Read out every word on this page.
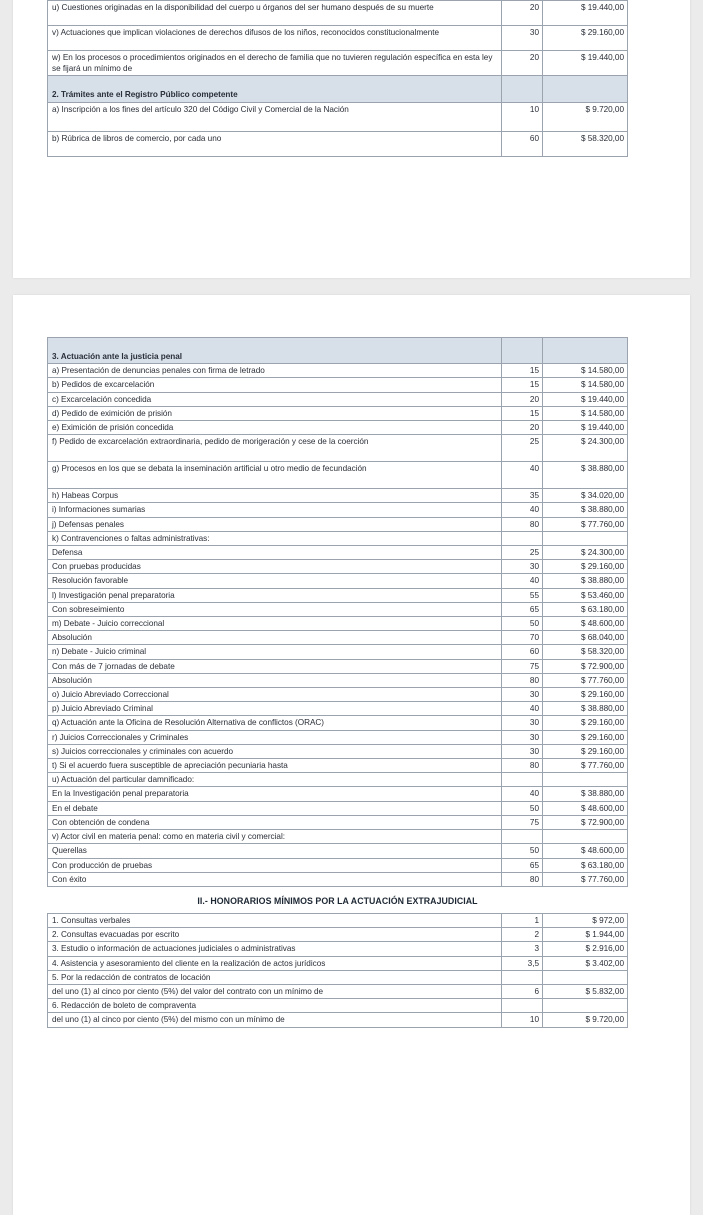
u) Cuestiones originadas en la disponibilidad del cuerpo u órganos del ser humano después de su muerte	20	$ 19.440,00
v) Actuaciones que implican violaciones de derechos difusos de los niños, reconocidos constitucionalmente	30	$ 29.160,00
w) En los procesos o procedimientos originados en el derecho de familia que no tuvieren regulación específica en esta ley se fijará un mínimo de	20	$ 19.440,00
2. Trámites ante el Registro Público competente		
a) Inscripción a los fines del artículo 320 del Código Civil y Comercial de la Nación	10	$ 9.720,00
b) Rúbrica de libros de comercio, por cada uno	60	$ 58.320,00
3. Actuación ante la justicia penal		
a) Presentación de denuncias penales con firma de letrado	15	$ 14.580,00
b) Pedidos de excarcelación	15	$ 14.580,00
c) Excarcelación concedida	20	$ 19.440,00
d) Pedido de eximición de prisión	15	$ 14.580,00
e) Eximición de prisión concedida	20	$ 19.440,00
f) Pedido de excarcelación extraordinaria, pedido de morigeración y cese de la coerción	25	$ 24.300,00
g) Procesos en los que se debata la inseminación artificial u otro medio de fecundación	40	$ 38.880,00
h) Habeas Corpus	35	$ 34.020,00
i) Informaciones sumarias	40	$ 38.880,00
j) Defensas penales	80	$ 77.760,00
k) Contravenciones o faltas administrativas:		
Defensa	25	$ 24.300,00
Con pruebas producidas	30	$ 29.160,00
Resolución favorable	40	$ 38.880,00
l) Investigación penal preparatoria	55	$ 53.460,00
Con sobreseimiento	65	$ 63.180,00
m) Debate - Juicio correccional	50	$ 48.600,00
Absolución	70	$ 68.040,00
n) Debate - Juicio criminal	60	$ 58.320,00
Con más de 7 jornadas de debate	75	$ 72.900,00
Absolución	80	$ 77.760,00
o) Juicio Abreviado Correccional	30	$ 29.160,00
p) Juicio Abreviado Criminal	40	$ 38.880,00
q) Actuación ante la Oficina de Resolución Alternativa de conflictos (ORAC)	30	$ 29.160,00
r) Juicios Correccionales y Criminales	30	$ 29.160,00
s) Juicios correccionales y criminales con acuerdo	30	$ 29.160,00
t) Si el acuerdo fuera susceptible de apreciación pecuniaria hasta	80	$ 77.760,00
u) Actuación del particular damnificado:		
En la Investigación penal preparatoria	40	$ 38.880,00
En el debate	50	$ 48.600,00
Con obtención de condena	75	$ 72.900,00
v) Actor civil en materia penal: como en materia civil y comercial:		
Querellas	50	$ 48.600,00
Con producción de pruebas	65	$ 63.180,00
Con éxito	80	$ 77.760,00
II.- HONORARIOS MÍNIMOS POR LA ACTUACIÓN EXTRAJUDICIAL
1. Consultas verbales	1	$ 972,00
2. Consultas evacuadas por escrito	2	$ 1.944,00
3. Estudio o información de actuaciones judiciales o administrativas	3	$ 2.916,00
4. Asistencia y asesoramiento del cliente en la realización de actos jurídicos	3,5	$ 3.402,00
5. Por la redacción de contratos de locación		
del uno (1) al cinco por ciento (5%) del valor del contrato con un mínimo de	6	$ 5.832,00
6. Redacción de boleto de compraventa		
del uno (1) al cinco por ciento (5%) del mismo con un mínimo de	10	$ 9.720,00
